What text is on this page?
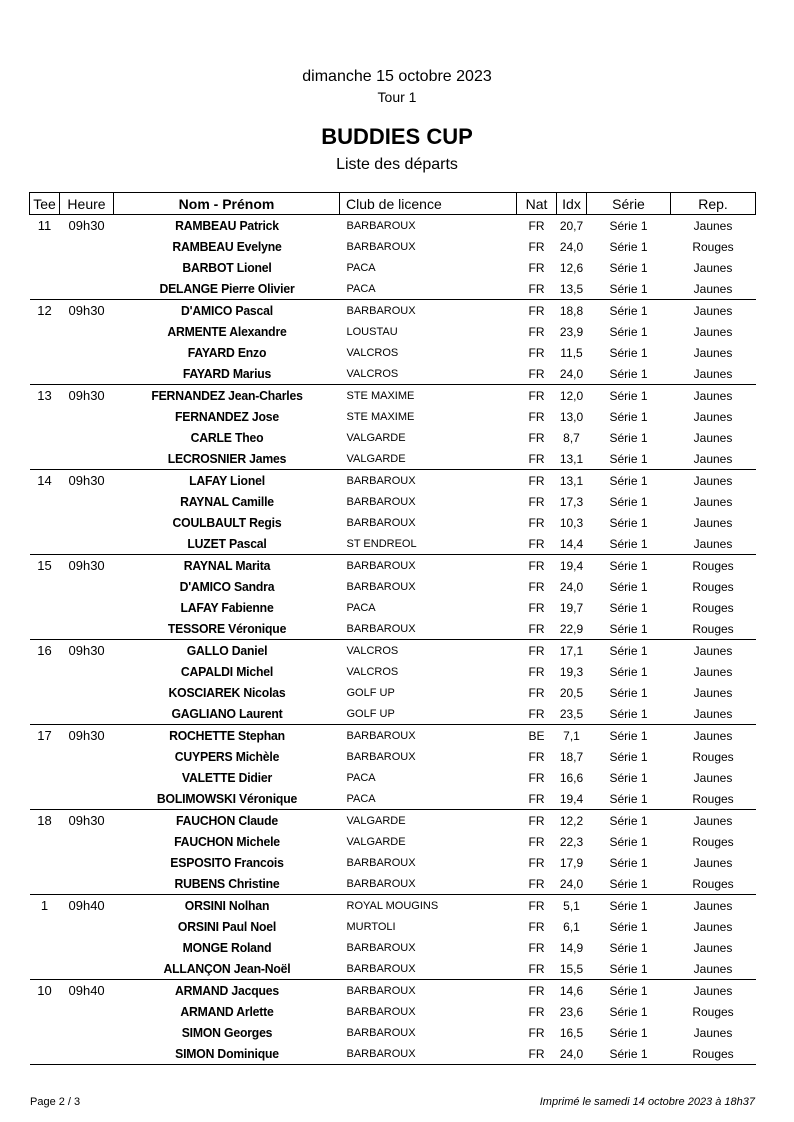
dimanche 15 octobre 2023
Tour 1
BUDDIES CUP
Liste des départs
Tee	Heure	Nom - Prénom	Club de licence	Nat	Idx	Série	Rep.
11	09h30	RAMBEAU Patrick	BARBAROUX	FR	20,7	Série 1	Jaunes
		RAMBEAU Evelyne	BARBAROUX	FR	24,0	Série 1	Rouges
		BARBOT Lionel	PACA	FR	12,6	Série 1	Jaunes
		DELANGE Pierre Olivier	PACA	FR	13,5	Série 1	Jaunes
12	09h30	D'AMICO Pascal	BARBAROUX	FR	18,8	Série 1	Jaunes
		ARMENTE Alexandre	LOUSTAU	FR	23,9	Série 1	Jaunes
		FAYARD Enzo	VALCROS	FR	11,5	Série 1	Jaunes
		FAYARD Marius	VALCROS	FR	24,0	Série 1	Jaunes
13	09h30	FERNANDEZ Jean-Charles	STE MAXIME	FR	12,0	Série 1	Jaunes
		FERNANDEZ Jose	STE MAXIME	FR	13,0	Série 1	Jaunes
		CARLE Theo	VALGARDE	FR	8,7	Série 1	Jaunes
		LECROSNIER James	VALGARDE	FR	13,1	Série 1	Jaunes
14	09h30	LAFAY Lionel	BARBAROUX	FR	13,1	Série 1	Jaunes
		RAYNAL Camille	BARBAROUX	FR	17,3	Série 1	Jaunes
		COULBAULT Regis	BARBAROUX	FR	10,3	Série 1	Jaunes
		LUZET Pascal	ST ENDREOL	FR	14,4	Série 1	Jaunes
15	09h30	RAYNAL Marita	BARBAROUX	FR	19,4	Série 1	Rouges
		D'AMICO Sandra	BARBAROUX	FR	24,0	Série 1	Rouges
		LAFAY Fabienne	PACA	FR	19,7	Série 1	Rouges
		TESSORE Véronique	BARBAROUX	FR	22,9	Série 1	Rouges
16	09h30	GALLO Daniel	VALCROS	FR	17,1	Série 1	Jaunes
		CAPALDI Michel	VALCROS	FR	19,3	Série 1	Jaunes
		KOSCIAREK Nicolas	GOLF UP	FR	20,5	Série 1	Jaunes
		GAGLIANO Laurent	GOLF UP	FR	23,5	Série 1	Jaunes
17	09h30	ROCHETTE Stephan	BARBAROUX	BE	7,1	Série 1	Jaunes
		CUYPERS Michèle	BARBAROUX	FR	18,7	Série 1	Rouges
		VALETTE Didier	PACA	FR	16,6	Série 1	Jaunes
		BOLIMOWSKI Véronique	PACA	FR	19,4	Série 1	Rouges
18	09h30	FAUCHON Claude	VALGARDE	FR	12,2	Série 1	Jaunes
		FAUCHON Michele	VALGARDE	FR	22,3	Série 1	Rouges
		ESPOSITO Francois	BARBAROUX	FR	17,9	Série 1	Jaunes
		RUBENS Christine	BARBAROUX	FR	24,0	Série 1	Rouges
1	09h40	ORSINI Nolhan	ROYAL MOUGINS	FR	5,1	Série 1	Jaunes
		ORSINI Paul Noel	MURTOLI	FR	6,1	Série 1	Jaunes
		MONGE Roland	BARBAROUX	FR	14,9	Série 1	Jaunes
		ALLANÇON Jean-Noël	BARBAROUX	FR	15,5	Série 1	Jaunes
10	09h40	ARMAND Jacques	BARBAROUX	FR	14,6	Série 1	Jaunes
		ARMAND Arlette	BARBAROUX	FR	23,6	Série 1	Rouges
		SIMON Georges	BARBAROUX	FR	16,5	Série 1	Jaunes
		SIMON Dominique	BARBAROUX	FR	24,0	Série 1	Rouges
Page 2 / 3	Imprimé le samedi 14 octobre 2023 à 18h37
